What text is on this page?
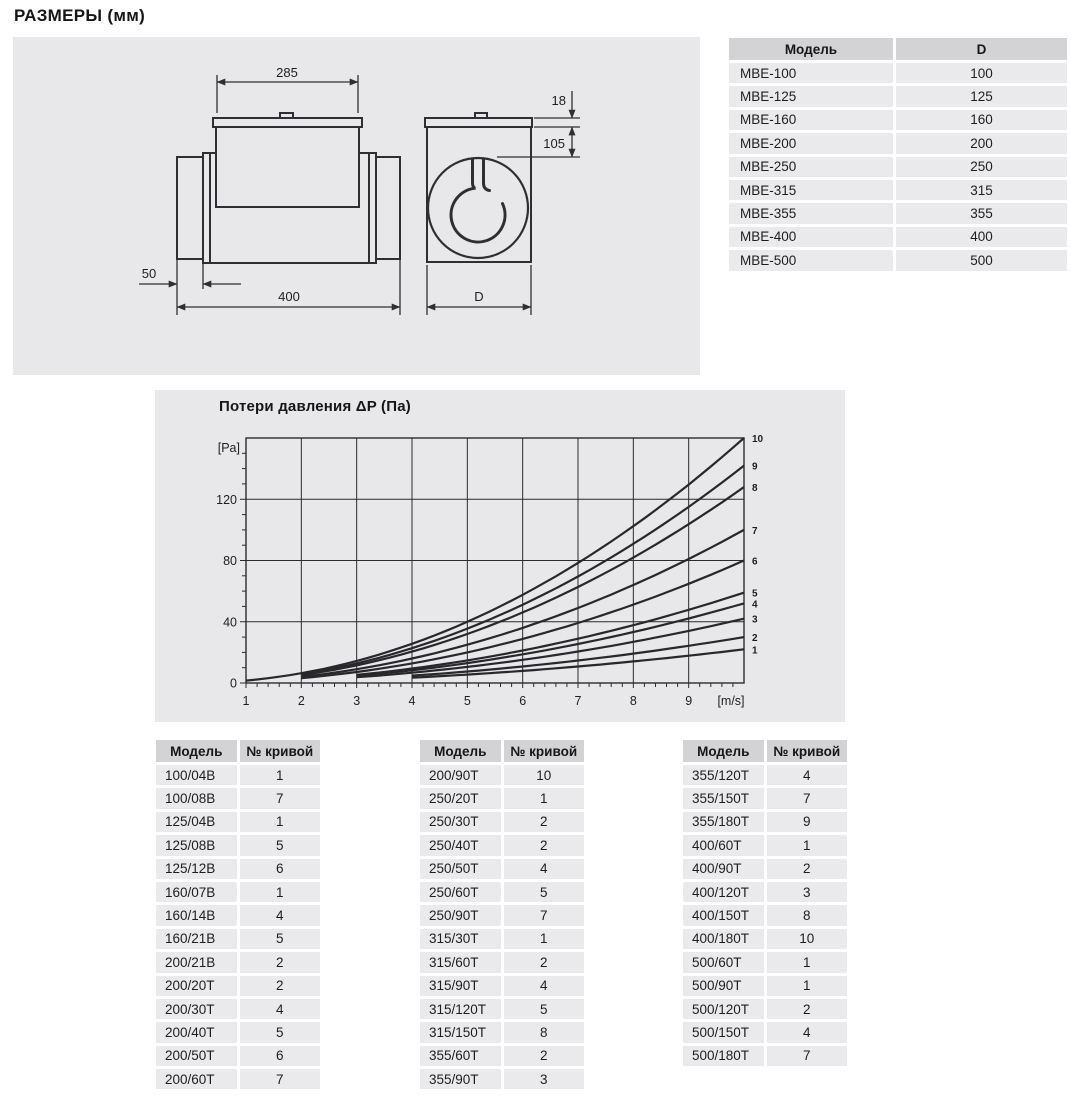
РАЗМЕРЫ (мм)
285
400
50
18
105
D
Модель	D
MBE-100	100
MBE-125	125
MBE-160	160
MBE-200	200
MBE-250	250
MBE-315	315
MBE-355	355
MBE-400	400
MBE-500	500
Потери давления ΔP (Па)
1	2	3	4	5	6	7	8	9
0
40
80
120
[Pa]
[m/s]
1
2
3
4
5
6
7
8
9
10
Модель	№ кривой
100/04B	1
100/08B	7
125/04B	1
125/08B	5
125/12B	6
160/07B	1
160/14B	4
160/21B	5
200/21B	2
200/20T	2
200/30T	4
200/40T	5
200/50T	6
200/60T	7
Модель	№ кривой
200/90T	10
250/20T	1
250/30T	2
250/40T	2
250/50T	4
250/60T	5
250/90T	7
315/30T	1
315/60T	2
315/90T	4
315/120T	5
315/150T	8
355/60T	2
355/90T	3
Модель	№ кривой
355/120T	4
355/150T	7
355/180T	9
400/60T	1
400/90T	2
400/120T	3
400/150T	8
400/180T	10
500/60T	1
500/90T	1
500/120T	2
500/150T	4
500/180T	7
